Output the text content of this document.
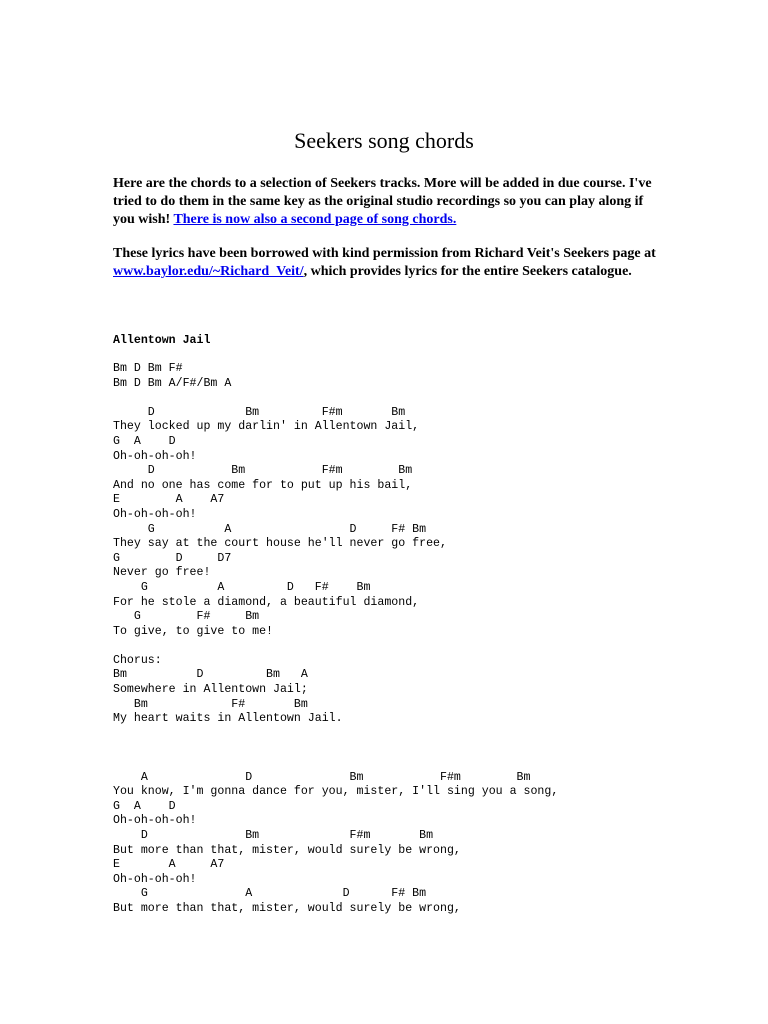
Seekers song chords

Here are the chords to a selection of Seekers tracks. More will be added in due course. I've tried to do them in the same key as the original studio recordings so you can play along if you wish! There is now also a second page of song chords.

These lyrics have been borrowed with kind permission from Richard Veit's Seekers page at www.baylor.edu/~Richard_Veit/, which provides lyrics for the entire Seekers catalogue.

Allentown Jail
Bm D Bm F#
Bm D Bm A/F#/Bm A
D             Bm         F#m       Bm
They locked up my darlin' in Allentown Jail,
G  A    D
Oh-oh-oh-oh!
D           Bm           F#m        Bm
And no one has come for to put up his bail,
E        A    A7
Oh-oh-oh-oh!
G          A                 D     F# Bm
They say at the court house he'll never go free,
G        D     D7
Never go free!
G          A         D   F#    Bm
For he stole a diamond, a beautiful diamond,
G        F#     Bm
To give, to give to me!
Chorus:
Bm          D         Bm   A
Somewhere in Allentown Jail;
Bm            F#       Bm
My heart waits in Allentown Jail.
A              D              Bm           F#m        Bm
You know, I'm gonna dance for you, mister, I'll sing you a song,
G  A    D
Oh-oh-oh-oh!
D              Bm             F#m       Bm
But more than that, mister, would surely be wrong,
E       A     A7
Oh-oh-oh-oh!
G              A             D      F# Bm
But more than that, mister, would surely be wrong,
